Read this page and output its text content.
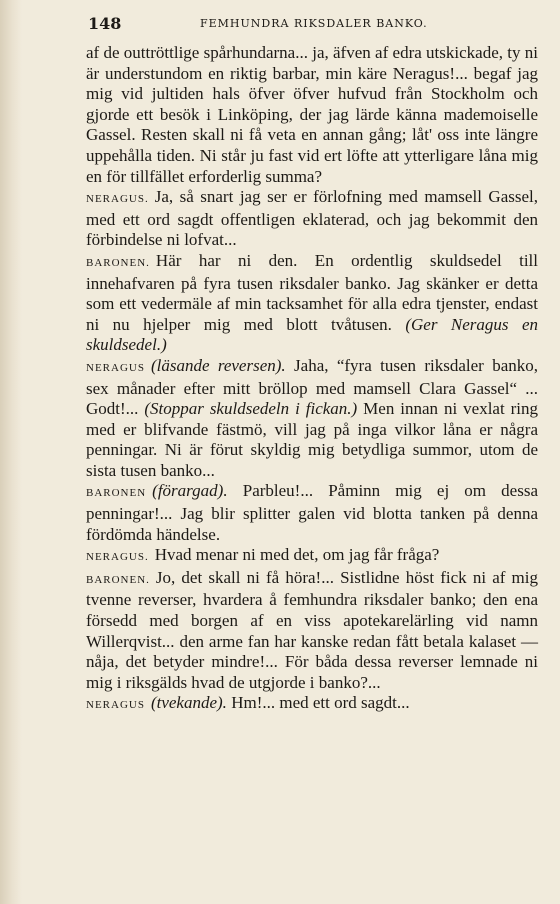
148	FEMHUNDRA RIKSDALER BANKO.

af de outtröttlige spårhundarna... ja, äfven af edra utskickade, ty ni är understundom en riktig barbar, min käre Neragus!... begaf jag mig vid jultiden hals öfver öfver hufvud från Stockholm och gjorde ett besök i Linköping, der jag lärde känna mademoiselle Gassel. Resten skall ni få veta en annan gång; låt' oss inte längre uppehålla tiden. Ni står ju fast vid ert löfte att ytterligare låna mig en för tillfället erforderlig summa?

NERAGUS. Ja, så snart jag ser er förlofning med mamsell Gassel, med ett ord sagdt offentligen eklaterad, och jag bekommit den förbindelse ni lofvat...

BARONEN. Här har ni den. En ordentlig skuldsedel till innehafvaren på fyra tusen riksdaler banko. Jag skänker er detta som ett vedermäle af min tacksamhet för alla edra tjenster, endast ni nu hjelper mig med blott tvåtusen. (Ger Neragus en skuldsedel.)

NERAGUS (läsande reversen). Jaha, “fyra tusen riksdaler banko, sex månader efter mitt bröllop med mamsell Clara Gassel“ ... Godt!... (Stoppar skuldsedeln i fickan.) Men innan ni vexlat ring med er blifvande fästmö, vill jag på inga vilkor låna er några penningar. Ni är förut skyldig mig betydliga summor, utom de sista tusen banko...

BARONEN (förargad). Parbleu!... Påminn mig ej om dessa penningar!... Jag blir splitter galen vid blotta tanken på denna fördömda händelse.

NERAGUS. Hvad menar ni med det, om jag får fråga?

BARONEN. Jo, det skall ni få höra!... Sistlidne höst fick ni af mig tvenne reverser, hvardera å femhundra riksdaler banko; den ena försedd med borgen af en viss apotekarelärling vid namn Willerqvist... den arme fan har kanske redan fått betala kalaset — nåja, det betyder mindre!... För båda dessa reverser lemnade ni mig i riksgälds hvad de utgjorde i banko?...

NERAGUS (tvekande). Hm!... med ett ord sagdt...
